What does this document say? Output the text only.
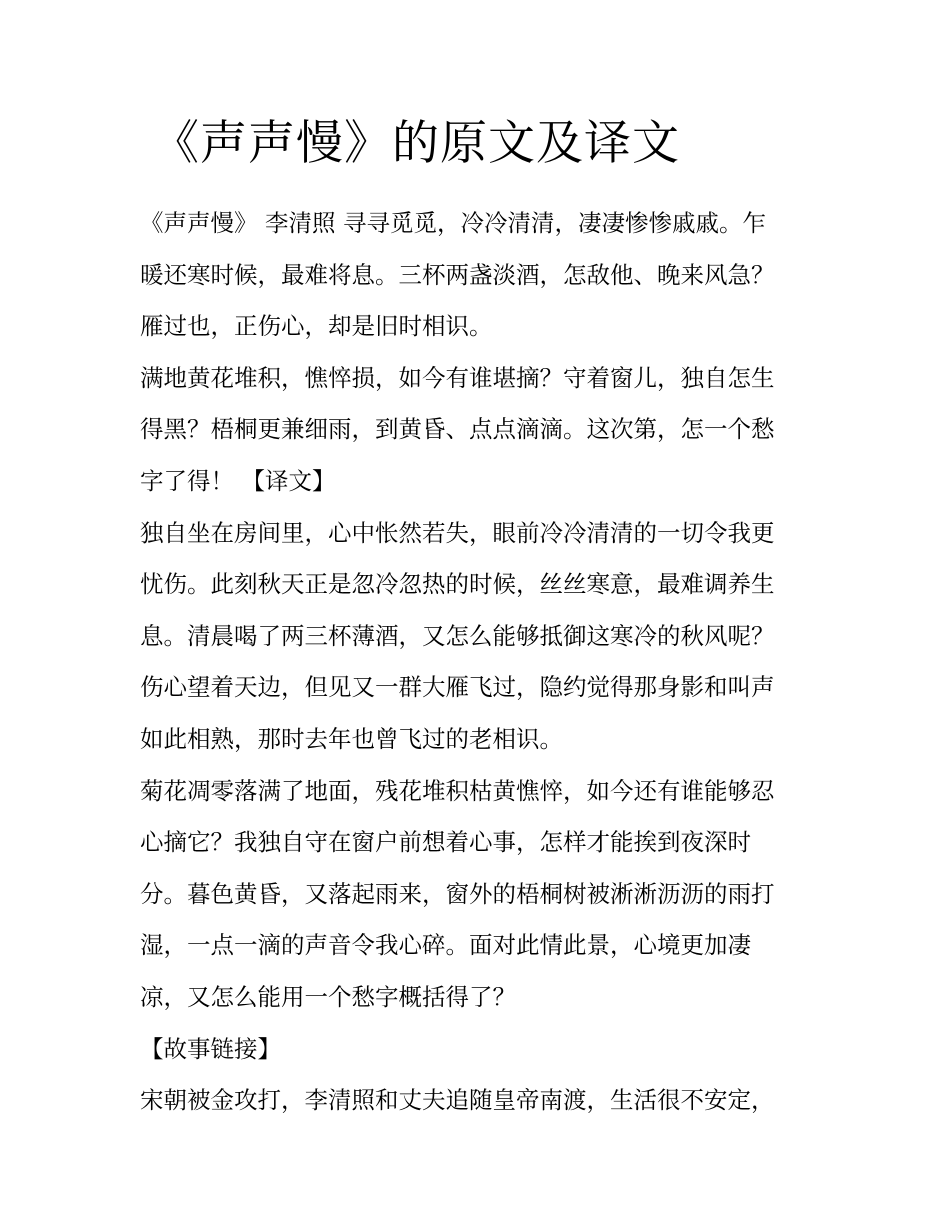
《声声慢》的原文及译文
《声声慢》 李清照 寻寻觅觅，冷冷清清，凄凄惨惨戚戚。乍
暖还寒时候，最难将息。三杯两盏淡酒，怎敌他、晚来风急？
雁过也，正伤心，却是旧时相识。
满地黄花堆积，憔悴损，如今有谁堪摘？守着窗儿，独自怎生
得黑？梧桐更兼细雨，到黄昏、点点滴滴。这次第，怎一个愁
字了得！ 【译文】
独自坐在房间里，心中怅然若失，眼前冷冷清清的一切令我更
忧伤。此刻秋天正是忽冷忽热的时候，丝丝寒意，最难调养生
息。清晨喝了两三杯薄酒，又怎么能够抵御这寒冷的秋风呢？
伤心望着天边，但见又一群大雁飞过，隐约觉得那身影和叫声
如此相熟，那时去年也曾飞过的老相识。
菊花凋零落满了地面，残花堆积枯黄憔悴，如今还有谁能够忍
心摘它？我独自守在窗户前想着心事，怎样才能挨到夜深时
分。暮色黄昏，又落起雨来，窗外的梧桐树被淅淅沥沥的雨打
湿，一点一滴的声音令我心碎。面对此情此景，心境更加凄
凉，又怎么能用一个愁字概括得了？
【故事链接】
宋朝被金攻打，李清照和丈夫追随皇帝南渡，生活很不安定，
